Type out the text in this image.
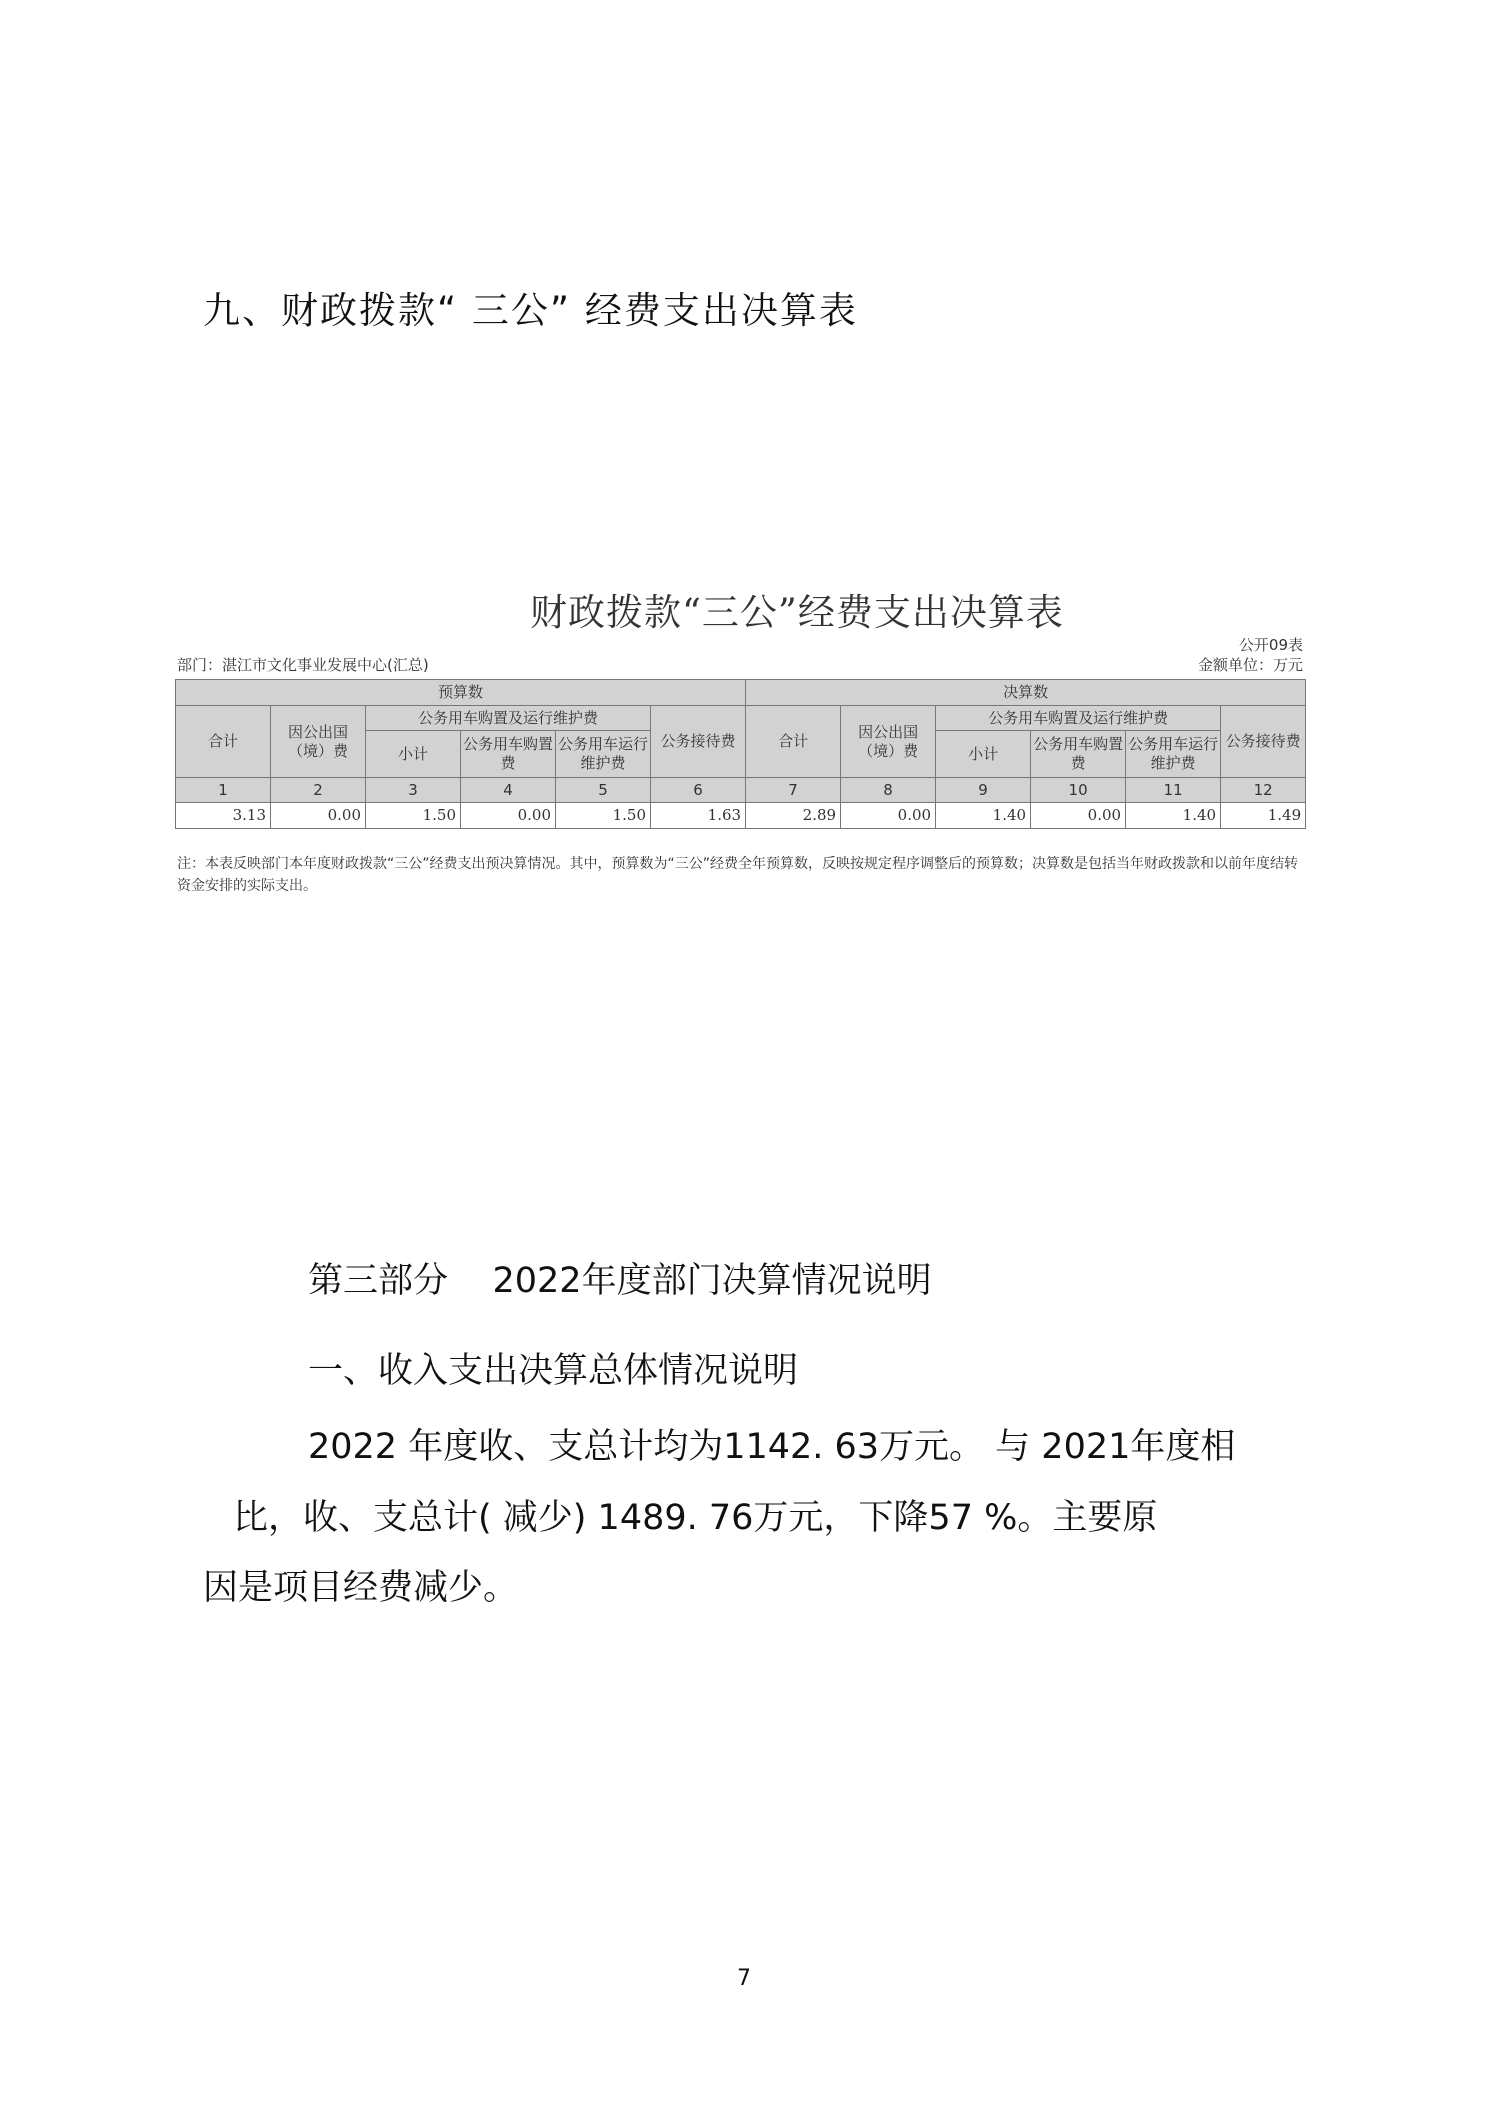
九、财政拨款“ 三公” 经费支出决算表
财政拨款“三公”经费支出决算表
公开09表
部门：湛江市文化事业发展中心(汇总)	金额单位：万元
预算数						决算数					
合计	因公出国（境）费	公务用车购置及运行维护费			公务接待费	合计	因公出国（境）费	公务用车购置及运行维护费			公务接待费
		小计	公务用车购置费	公务用车运行维护费				小计	公务用车购置费	公务用车运行维护费	
1	2	3	4	5	6	7	8	9	10	11	12
3.13	0.00	1.50	0.00	1.50	1.63	2.89	0.00	1.40	0.00	1.40	1.49
注：本表反映部门本年度财政拨款“三公”经费支出预决算情况。其中，预算数为“三公”经费全年预算数，反映按规定程序调整后的预算数；决算数是包括当年财政拨款和以前年度结转资金安排的实际支出。
第三部分    2022年度部门决算情况说明
一、收入支出决算总体情况说明
2022 年度收、支总计均为1142. 63万元。 与 2021年度相
比，收、支总计( 减少) 1489. 76万元，下降57 %。主要原
因是项目经费减少。
7
